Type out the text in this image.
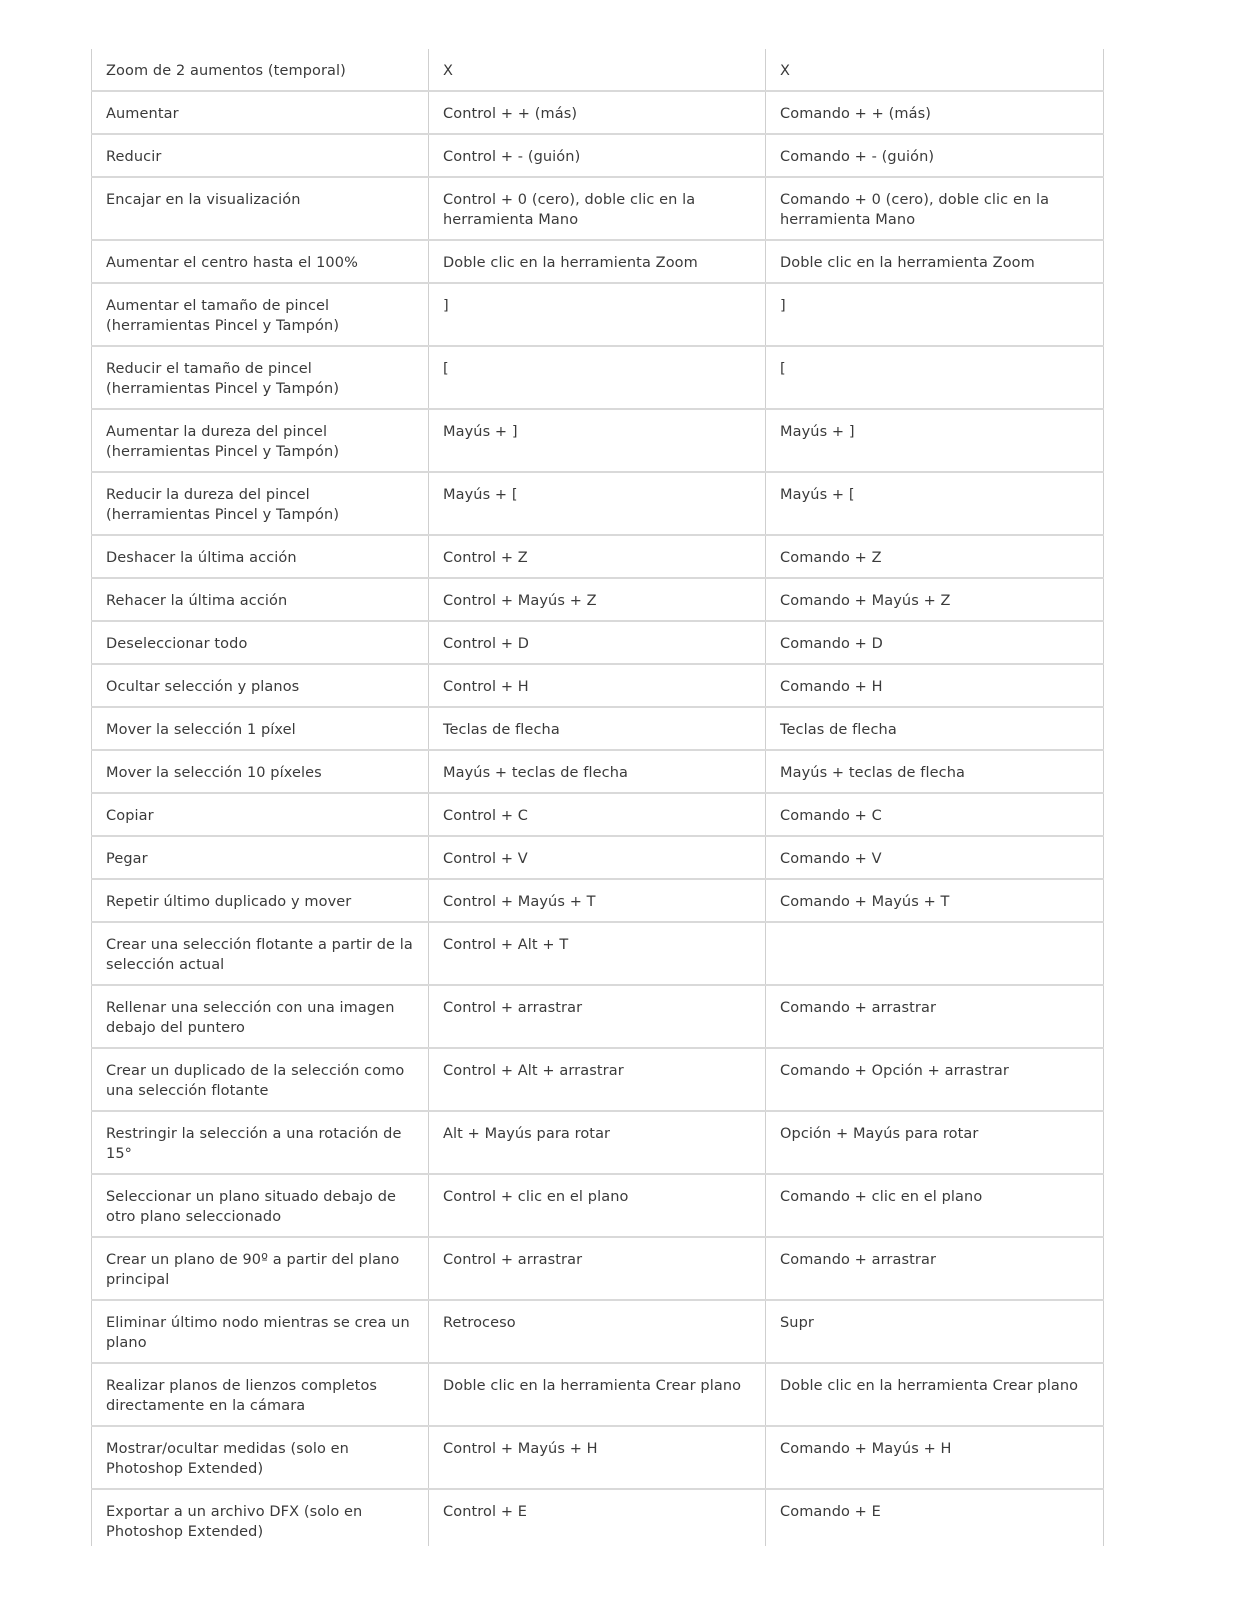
Zoom de 2 aumentos (temporal)	X	X

Aumentar	Control + + (más)	Comando + + (más)

Reducir	Control + - (guión)	Comando + - (guión)

Encajar en la visualización	Control + 0 (cero), doble clic en la herramienta Mano	Comando + 0 (cero), doble clic en la herramienta Mano

Aumentar el centro hasta el 100%	Doble clic en la herramienta Zoom	Doble clic en la herramienta Zoom

Aumentar el tamaño de pincel (herramientas Pincel y Tampón)	]	]

Reducir el tamaño de pincel (herramientas Pincel y Tampón)	[	[

Aumentar la dureza del pincel (herramientas Pincel y Tampón)	Mayús + ]	Mayús + ]

Reducir la dureza del pincel (herramientas Pincel y Tampón)	Mayús + [	Mayús + [

Deshacer la última acción	Control + Z	Comando + Z

Rehacer la última acción	Control + Mayús + Z	Comando + Mayús + Z

Deseleccionar todo	Control + D	Comando + D

Ocultar selección y planos	Control + H	Comando + H

Mover la selección 1 píxel	Teclas de flecha	Teclas de flecha

Mover la selección 10 píxeles	Mayús + teclas de flecha	Mayús + teclas de flecha

Copiar	Control + C	Comando + C

Pegar	Control + V	Comando + V

Repetir último duplicado y mover	Control + Mayús + T	Comando + Mayús + T

Crear una selección flotante a partir de la selección actual	Control + Alt + T	

Rellenar una selección con una imagen debajo del puntero	Control + arrastrar	Comando + arrastrar

Crear un duplicado de la selección como una selección flotante	Control + Alt + arrastrar	Comando + Opción + arrastrar

Restringir la selección a una rotación de 15°	Alt + Mayús para rotar	Opción + Mayús para rotar

Seleccionar un plano situado debajo de otro plano seleccionado	Control + clic en el plano	Comando + clic en el plano

Crear un plano de 90º a partir del plano principal	Control + arrastrar	Comando + arrastrar

Eliminar último nodo mientras se crea un plano	Retroceso	Supr

Realizar planos de lienzos completos directamente en la cámara	Doble clic en la herramienta Crear plano	Doble clic en la herramienta Crear plano

Mostrar/ocultar medidas (solo en Photoshop Extended)	Control + Mayús + H	Comando + Mayús + H

Exportar a un archivo DFX (solo en Photoshop Extended)	Control + E	Comando + E
